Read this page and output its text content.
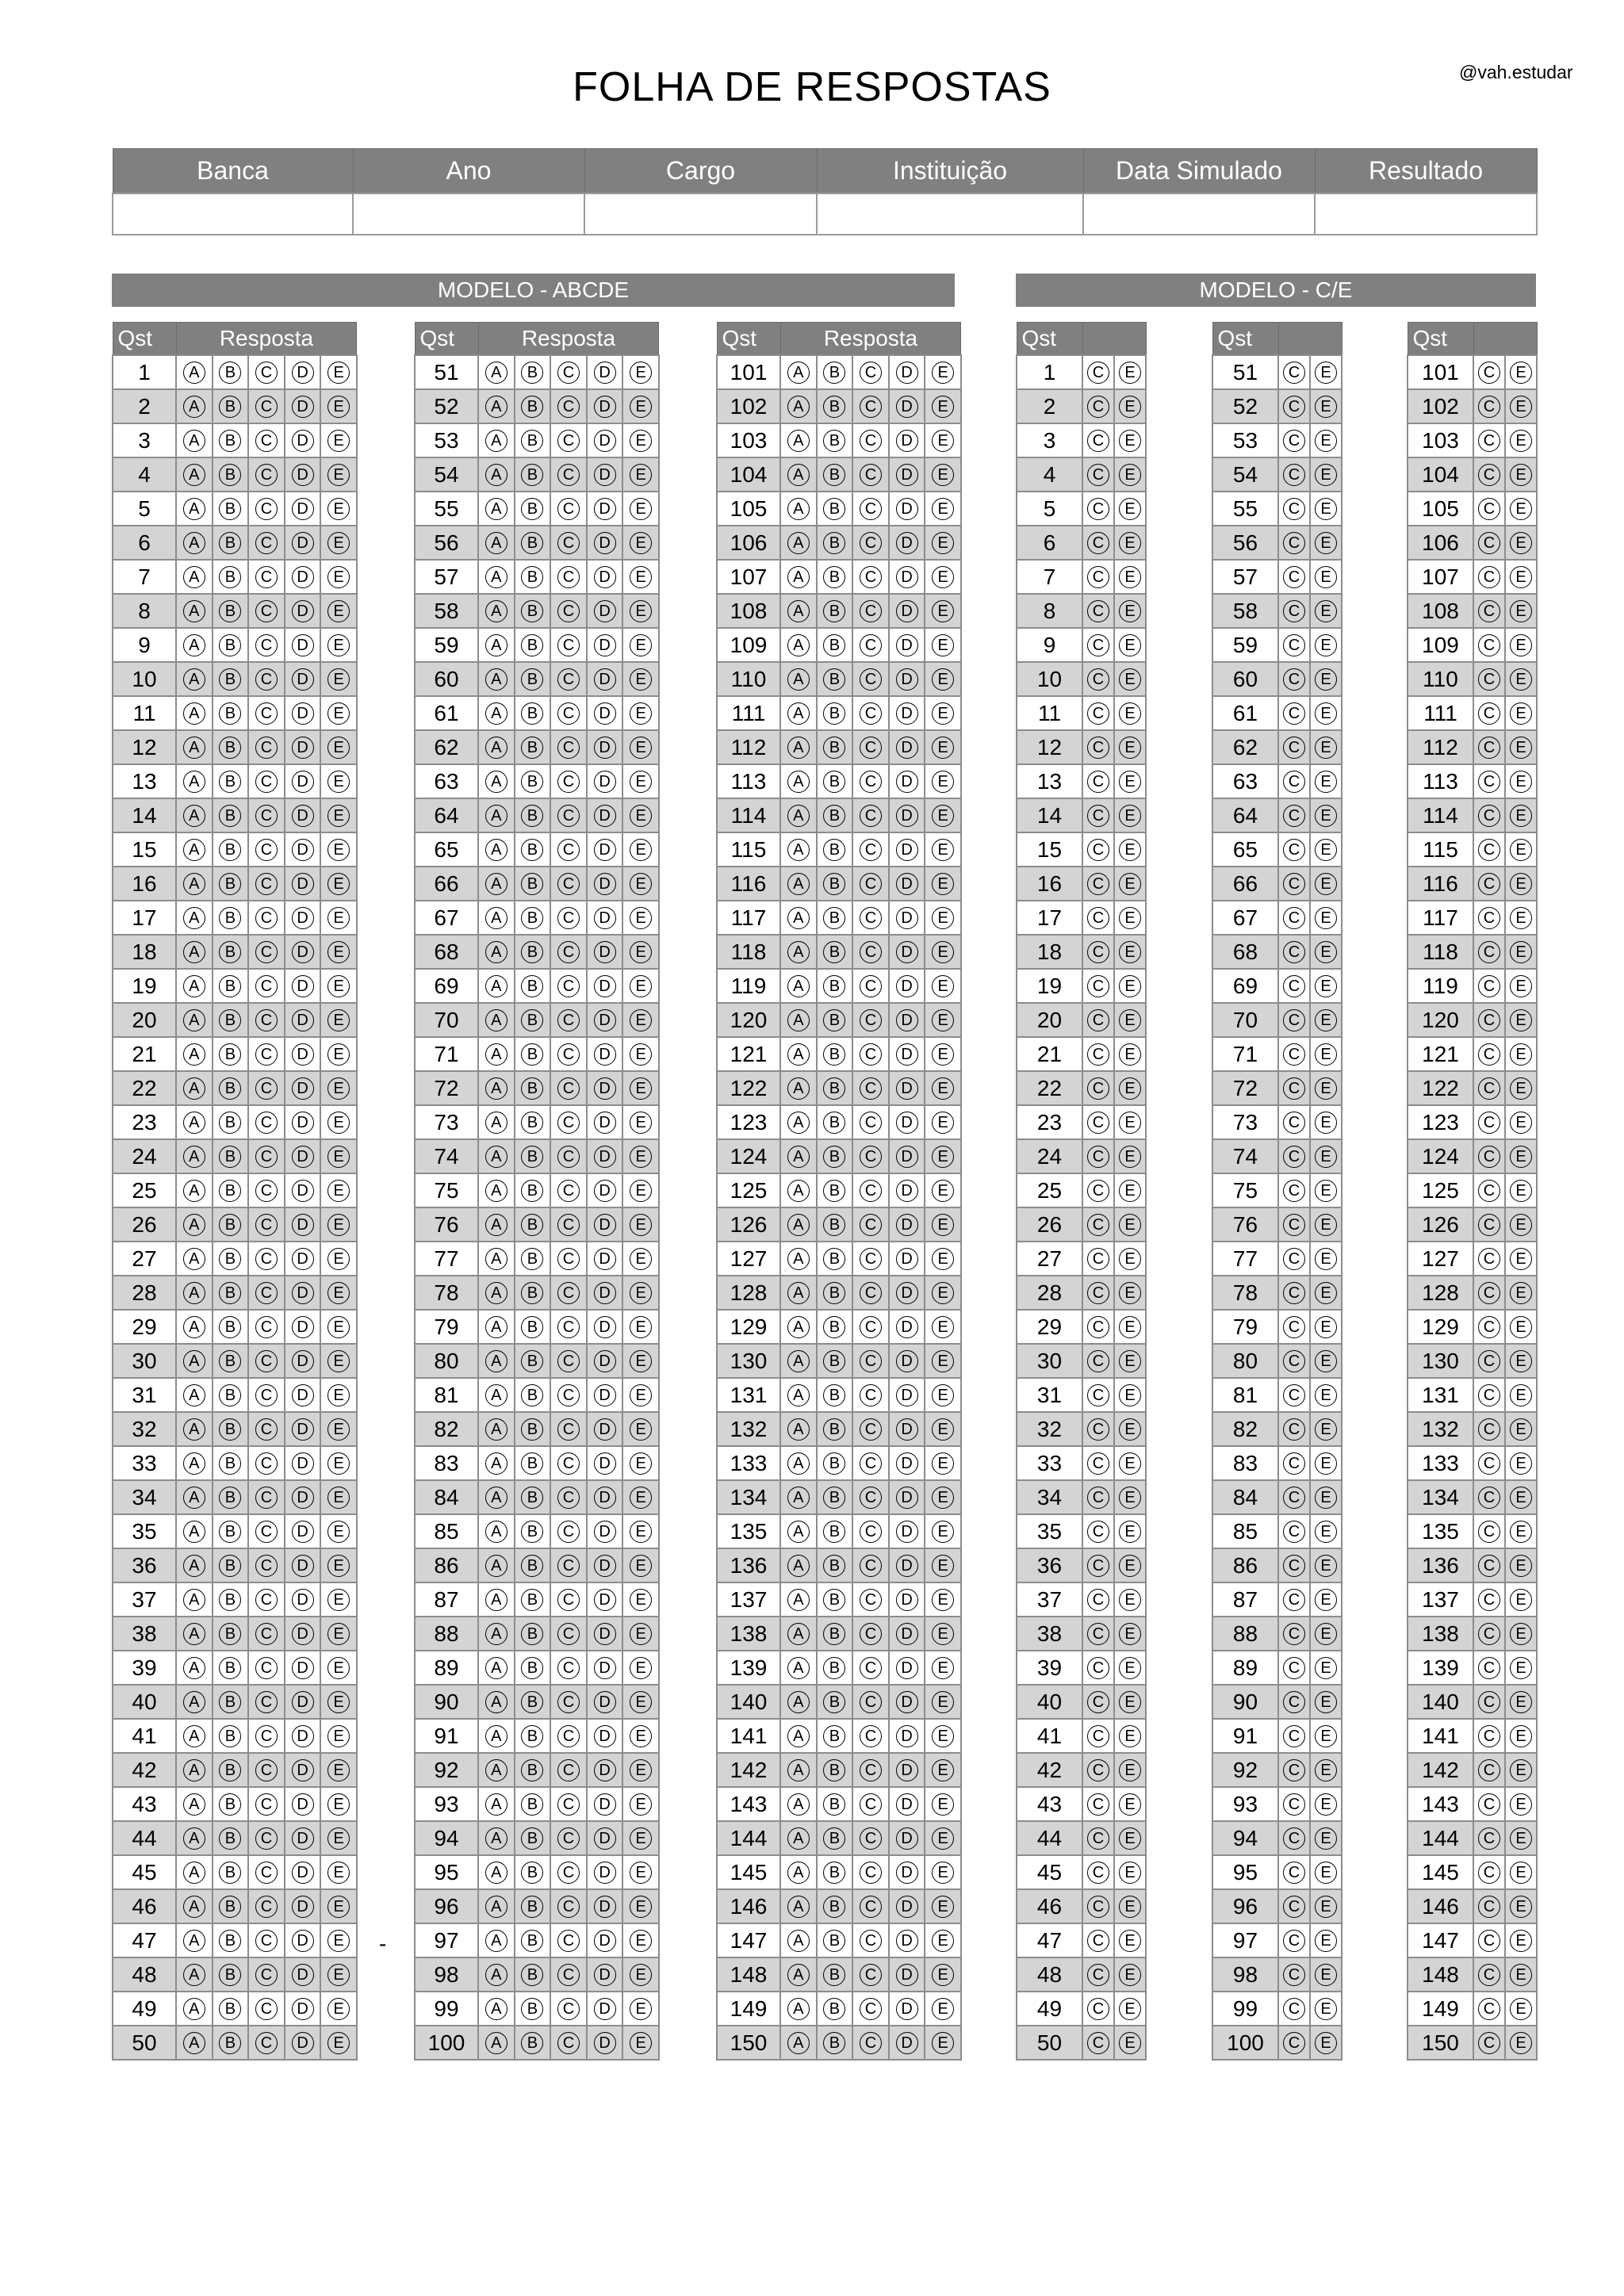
FOLHA DE RESPOSTAS	@vah.estudar
Banca	Ano	Cargo	Instituição	Data Simulado	Resultado

MODELO - ABCDE	MODELO - C/E
Qst	Resposta				
1	A	B	C	D	E
2	A	B	C	D	E
3	A	B	C	D	E
4	A	B	C	D	E
5	A	B	C	D	E
6	A	B	C	D	E
7	A	B	C	D	E
8	A	B	C	D	E
9	A	B	C	D	E
10	A	B	C	D	E
11	A	B	C	D	E
12	A	B	C	D	E
13	A	B	C	D	E
14	A	B	C	D	E
15	A	B	C	D	E
16	A	B	C	D	E
17	A	B	C	D	E
18	A	B	C	D	E
19	A	B	C	D	E
20	A	B	C	D	E
21	A	B	C	D	E
22	A	B	C	D	E
23	A	B	C	D	E
24	A	B	C	D	E
25	A	B	C	D	E
26	A	B	C	D	E
27	A	B	C	D	E
28	A	B	C	D	E
29	A	B	C	D	E
30	A	B	C	D	E
31	A	B	C	D	E
32	A	B	C	D	E
33	A	B	C	D	E
34	A	B	C	D	E
35	A	B	C	D	E
36	A	B	C	D	E
37	A	B	C	D	E
38	A	B	C	D	E
39	A	B	C	D	E
40	A	B	C	D	E
41	A	B	C	D	E
42	A	B	C	D	E
43	A	B	C	D	E
44	A	B	C	D	E
45	A	B	C	D	E
46	A	B	C	D	E
47	A	B	C	D	E
48	A	B	C	D	E
49	A	B	C	D	E
50	A	B	C	D	E
Qst	Resposta				
51	A	B	C	D	E
52	A	B	C	D	E
53	A	B	C	D	E
54	A	B	C	D	E
55	A	B	C	D	E
56	A	B	C	D	E
57	A	B	C	D	E
58	A	B	C	D	E
59	A	B	C	D	E
60	A	B	C	D	E
61	A	B	C	D	E
62	A	B	C	D	E
63	A	B	C	D	E
64	A	B	C	D	E
65	A	B	C	D	E
66	A	B	C	D	E
67	A	B	C	D	E
68	A	B	C	D	E
69	A	B	C	D	E
70	A	B	C	D	E
71	A	B	C	D	E
72	A	B	C	D	E
73	A	B	C	D	E
74	A	B	C	D	E
75	A	B	C	D	E
76	A	B	C	D	E
77	A	B	C	D	E
78	A	B	C	D	E
79	A	B	C	D	E
80	A	B	C	D	E
81	A	B	C	D	E
82	A	B	C	D	E
83	A	B	C	D	E
84	A	B	C	D	E
85	A	B	C	D	E
86	A	B	C	D	E
87	A	B	C	D	E
88	A	B	C	D	E
89	A	B	C	D	E
90	A	B	C	D	E
91	A	B	C	D	E
92	A	B	C	D	E
93	A	B	C	D	E
94	A	B	C	D	E
95	A	B	C	D	E
96	A	B	C	D	E
97	A	B	C	D	E
98	A	B	C	D	E
99	A	B	C	D	E
100	A	B	C	D	E
Qst	Resposta				
101	A	B	C	D	E
102	A	B	C	D	E
103	A	B	C	D	E
104	A	B	C	D	E
105	A	B	C	D	E
106	A	B	C	D	E
107	A	B	C	D	E
108	A	B	C	D	E
109	A	B	C	D	E
110	A	B	C	D	E
111	A	B	C	D	E
112	A	B	C	D	E
113	A	B	C	D	E
114	A	B	C	D	E
115	A	B	C	D	E
116	A	B	C	D	E
117	A	B	C	D	E
118	A	B	C	D	E
119	A	B	C	D	E
120	A	B	C	D	E
121	A	B	C	D	E
122	A	B	C	D	E
123	A	B	C	D	E
124	A	B	C	D	E
125	A	B	C	D	E
126	A	B	C	D	E
127	A	B	C	D	E
128	A	B	C	D	E
129	A	B	C	D	E
130	A	B	C	D	E
131	A	B	C	D	E
132	A	B	C	D	E
133	A	B	C	D	E
134	A	B	C	D	E
135	A	B	C	D	E
136	A	B	C	D	E
137	A	B	C	D	E
138	A	B	C	D	E
139	A	B	C	D	E
140	A	B	C	D	E
141	A	B	C	D	E
142	A	B	C	D	E
143	A	B	C	D	E
144	A	B	C	D	E
145	A	B	C	D	E
146	A	B	C	D	E
147	A	B	C	D	E
148	A	B	C	D	E
149	A	B	C	D	E
150	A	B	C	D	E
Qst		
1	C	E
2	C	E
3	C	E
4	C	E
5	C	E
6	C	E
7	C	E
8	C	E
9	C	E
10	C	E
11	C	E
12	C	E
13	C	E
14	C	E
15	C	E
16	C	E
17	C	E
18	C	E
19	C	E
20	C	E
21	C	E
22	C	E
23	C	E
24	C	E
25	C	E
26	C	E
27	C	E
28	C	E
29	C	E
30	C	E
31	C	E
32	C	E
33	C	E
34	C	E
35	C	E
36	C	E
37	C	E
38	C	E
39	C	E
40	C	E
41	C	E
42	C	E
43	C	E
44	C	E
45	C	E
46	C	E
47	C	E
48	C	E
49	C	E
50	C	E
Qst		
51	C	E
52	C	E
53	C	E
54	C	E
55	C	E
56	C	E
57	C	E
58	C	E
59	C	E
60	C	E
61	C	E
62	C	E
63	C	E
64	C	E
65	C	E
66	C	E
67	C	E
68	C	E
69	C	E
70	C	E
71	C	E
72	C	E
73	C	E
74	C	E
75	C	E
76	C	E
77	C	E
78	C	E
79	C	E
80	C	E
81	C	E
82	C	E
83	C	E
84	C	E
85	C	E
86	C	E
87	C	E
88	C	E
89	C	E
90	C	E
91	C	E
92	C	E
93	C	E
94	C	E
95	C	E
96	C	E
97	C	E
98	C	E
99	C	E
100	C	E
Qst		
101	C	E
102	C	E
103	C	E
104	C	E
105	C	E
106	C	E
107	C	E
108	C	E
109	C	E
110	C	E
111	C	E
112	C	E
113	C	E
114	C	E
115	C	E
116	C	E
117	C	E
118	C	E
119	C	E
120	C	E
121	C	E
122	C	E
123	C	E
124	C	E
125	C	E
126	C	E
127	C	E
128	C	E
129	C	E
130	C	E
131	C	E
132	C	E
133	C	E
134	C	E
135	C	E
136	C	E
137	C	E
138	C	E
139	C	E
140	C	E
141	C	E
142	C	E
143	C	E
144	C	E
145	C	E
146	C	E
147	C	E
148	C	E
149	C	E
150	C	E
-
